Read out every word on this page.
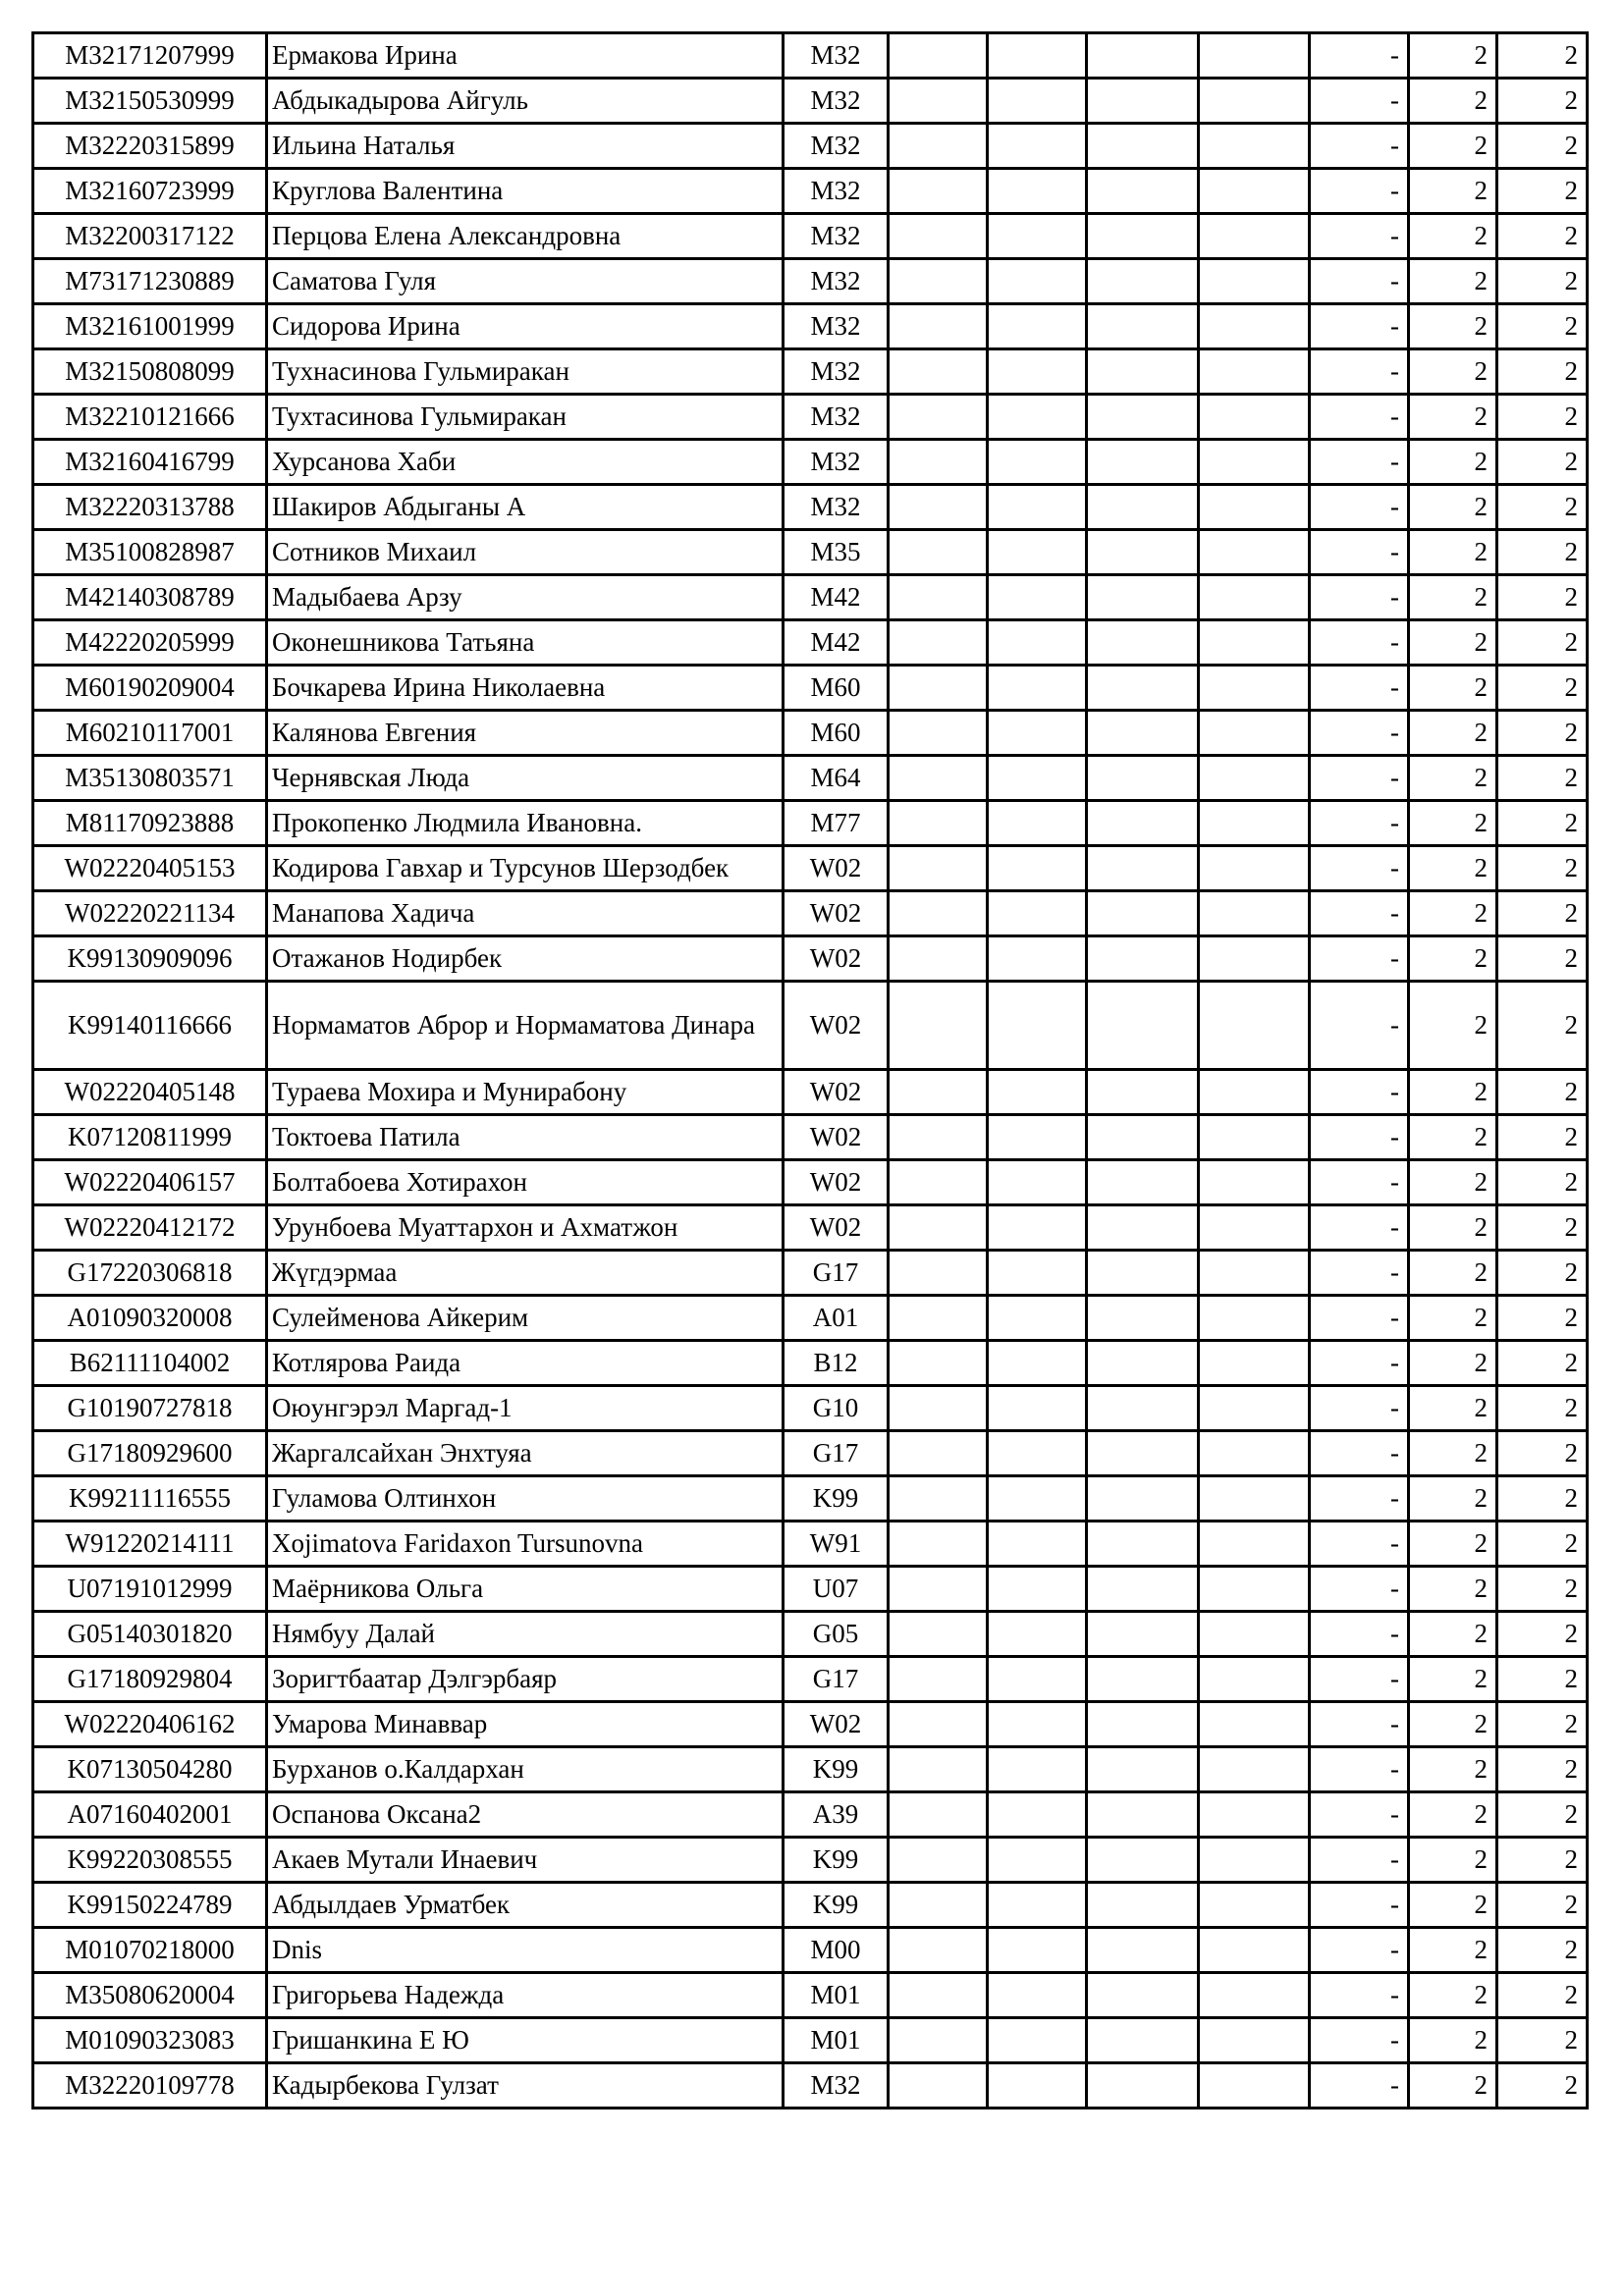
M32171207999	Ермакова Ирина	M32					-	2	2
M32150530999	Абдыкадырова Айгуль	M32					-	2	2
M32220315899	Ильина Наталья	M32					-	2	2
M32160723999	Круглова Валентина	M32					-	2	2
M32200317122	Перцова Елена Александровна	M32					-	2	2
M73171230889	Саматова Гуля	M32					-	2	2
M32161001999	Сидорова Ирина	M32					-	2	2
M32150808099	Тухнасинова Гульмиракан	M32					-	2	2
M32210121666	Тухтасинова Гульмиракан	M32					-	2	2
M32160416799	Хурсанова Хаби	M32					-	2	2
M32220313788	Шакиров Абдыганы А	M32					-	2	2
M35100828987	Сотников Михаил	M35					-	2	2
M42140308789	Мадыбаева Арзу	M42					-	2	2
M42220205999	Оконешникова Татьяна	M42					-	2	2
M60190209004	Бочкарева Ирина Николаевна	M60					-	2	2
M60210117001	Калянова Евгения	M60					-	2	2
M35130803571	Чернявская Люда	M64					-	2	2
M81170923888	Прокопенко Людмила Ивановна.	M77					-	2	2
W02220405153	Кодирова Гавхар и Турсунов Шерзодбек	W02					-	2	2
W02220221134	Манапова Хадича	W02					-	2	2
K99130909096	Отажанов Нодирбек	W02					-	2	2
K99140116666	Нормаматов Аброр и Нормаматова Динара	W02					-	2	2
W02220405148	Тураева Мохира и Мунирабону	W02					-	2	2
K07120811999	Токтоева Патила	W02					-	2	2
W02220406157	Болтабоева Хотирахон	W02					-	2	2
W02220412172	Урунбоева Муаттархон и Ахматжон	W02					-	2	2
G17220306818	Жүгдэрмаа	G17					-	2	2
A01090320008	Сулейменова Айкерим	A01					-	2	2
B62111104002	Котлярова Раида	B12					-	2	2
G10190727818	Оюунгэрэл Маргад-1	G10					-	2	2
G17180929600	Жаргалсайхан Энхтуяа	G17					-	2	2
K99211116555	Гуламова Олтинхон	K99					-	2	2
W91220214111	Xojimatova Faridaxon Tursunovna	W91					-	2	2
U07191012999	Маёрникова Ольга	U07					-	2	2
G05140301820	Нямбуу Далай	G05					-	2	2
G17180929804	Зоригтбаатар Дэлгэрбаяр	G17					-	2	2
W02220406162	Умарова Минаввар	W02					-	2	2
K07130504280	Бурханов о.Калдархан	K99					-	2	2
A07160402001	Оспанова Оксана2	A39					-	2	2
K99220308555	Акаев Мутали Инаевич	K99					-	2	2
K99150224789	Абдылдаев Урматбек	K99					-	2	2
M01070218000	Dnis	M00					-	2	2
M35080620004	Григорьева Надежда	M01					-	2	2
M01090323083	Гришанкина Е Ю	M01					-	2	2
M32220109778	Кадырбекова Гулзат	M32					-	2	2
